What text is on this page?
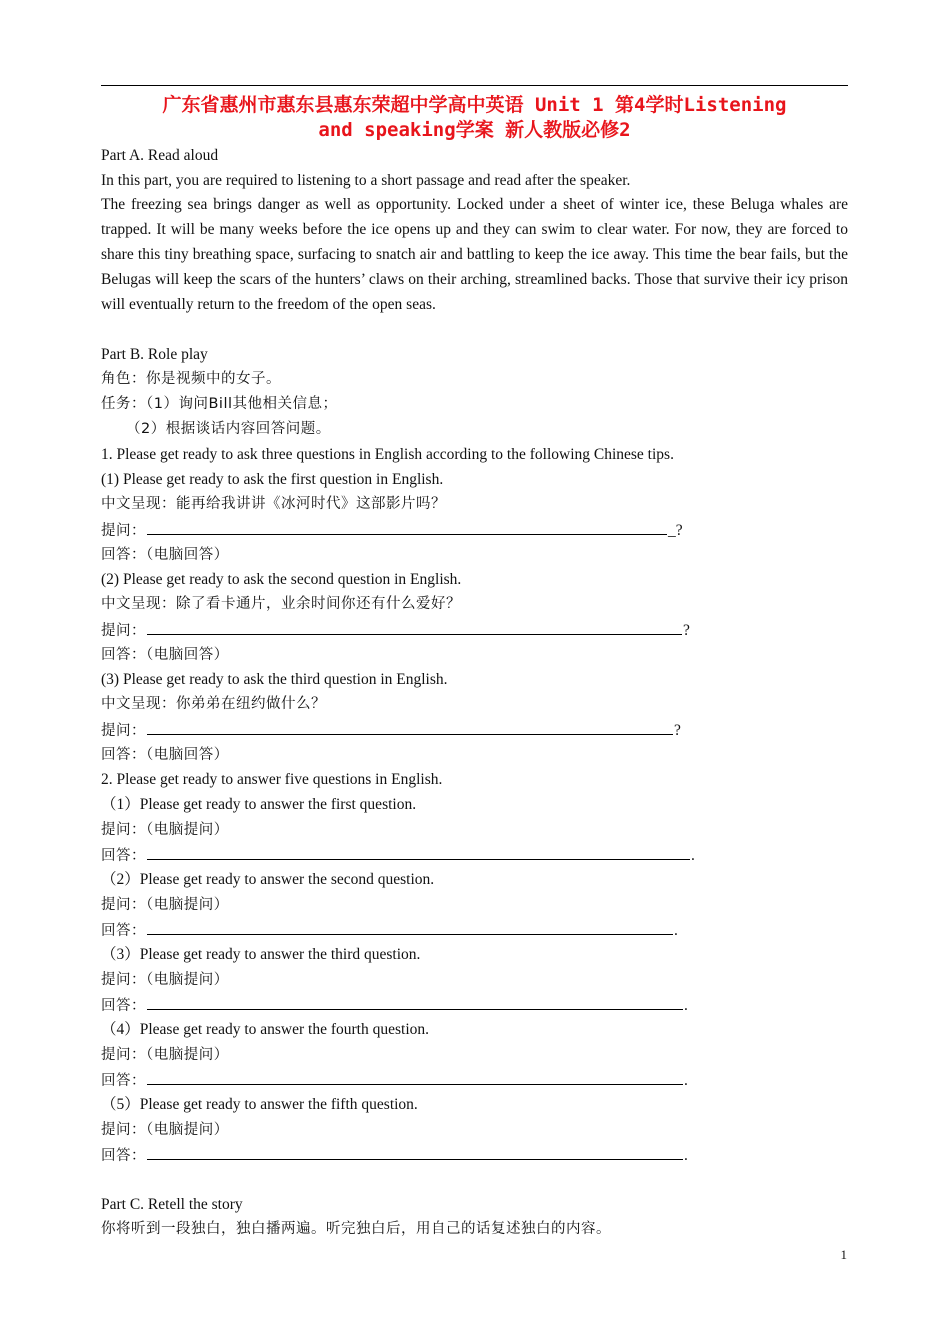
广东省惠州市惠东县惠东荣超中学高中英语 Unit 1 第4学时Listening
and speaking学案 新人教版必修2
Part A. Read aloud
In this part, you are required to listening to a short passage and read after the speaker.
The freezing sea brings danger as well as opportunity. Locked under a sheet of winter ice, these Beluga whales are trapped. It will be many weeks before the ice opens up and they can swim to clear water. For now, they are forced to share this tiny breathing space, surfacing to snatch air and battling to keep the ice away. This time the bear fails, but the Belugas will keep the scars of the hunters’ claws on their arching, streamlined backs. Those that survive their icy prison will eventually return to the freedom of the open seas.
Part B. Role play
角色：你是视频中的女子。
任务：（1）询问Bill其他相关信息；
（2）根据谈话内容回答问题。
1. Please get ready to ask three questions in English according to the following Chinese tips.
(1) Please get ready to ask the first question in English.
中文呈现：能再给我讲讲《冰河时代》这部影片吗？
提问：	_?
回答：（电脑回答）
(2) Please get ready to ask the second question in English.
中文呈现：除了看卡通片，业余时间你还有什么爱好？
提问：	?
回答：（电脑回答）
(3) Please get ready to ask the third question in English.
中文呈现：你弟弟在纽约做什么？
提问：	?
回答：（电脑回答）
2. Please get ready to answer five questions in English.
（1）Please get ready to answer the first question.
提问：（电脑提问）
回答：	.
（2）Please get ready to answer the second question.
提问：（电脑提问）
回答：	.
（3）Please get ready to answer the third question.
提问：（电脑提问）
回答：	.
（4）Please get ready to answer the fourth question.
提问：（电脑提问）
回答：	.
（5）Please get ready to answer the fifth question.
提问：（电脑提问）
回答：	.
Part C. Retell the story
你将听到一段独白，独白播两遍。听完独白后，用自己的话复述独白的内容。
1
